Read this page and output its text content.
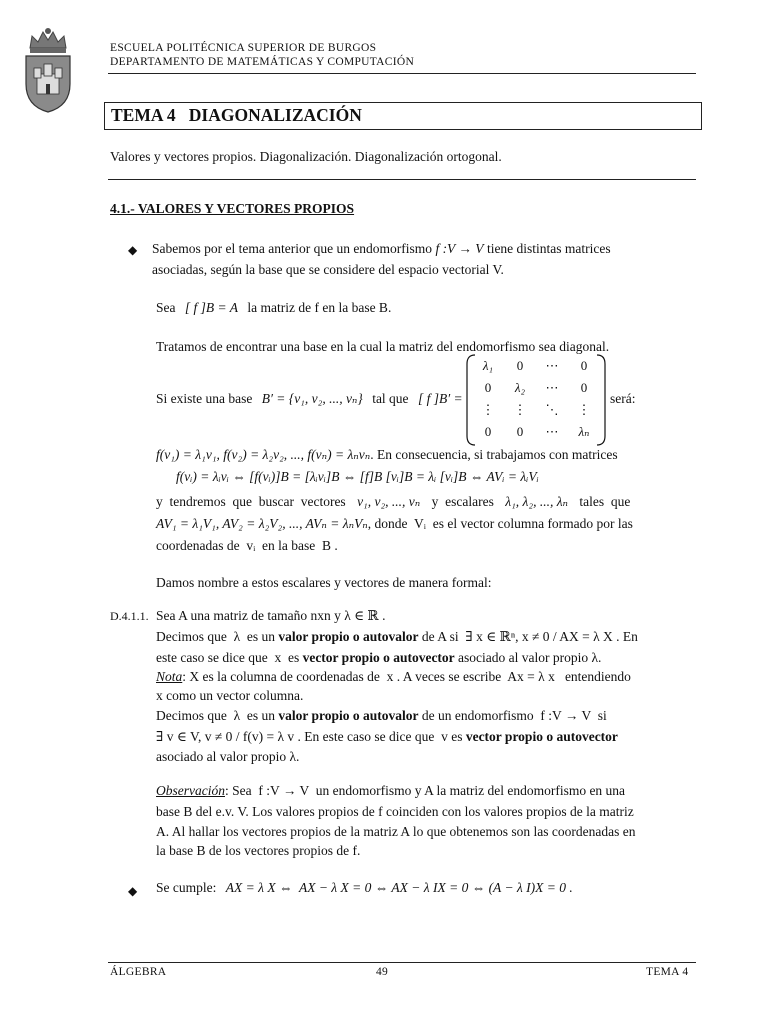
ESCUELA POLITÉCNICA SUPERIOR DE BURGOS
DEPARTAMENTO DE MATEMÁTICAS Y COMPUTACIÓN
TEMA 4   DIAGONALIZACIÓN
Valores y vectores propios. Diagonalización. Diagonalización ortogonal.
4.1.- VALORES Y VECTORES PROPIOS
◆ Sabemos por el tema anterior que un endomorfismo f :V → V tiene distintas matrices
asociadas, según la base que se considere del espacio vectorial V.
Sea [ f ]B = A la matriz de f en la base B.
Tratamos de encontrar una base en la cual la matriz del endomorfismo sea diagonal.
Si existe una base B′ = {v₁, v₂, ..., vₙ} tal que [ f ]B′ =
λ₁	0	⋯	0
0	λ₂	⋯	0
⋮	⋮	⋱	⋮
0	0	⋯	λₙ
será:
f(v₁) = λ₁v₁, f(v₂) = λ₂v₂, ..., f(vₙ) = λₙvₙ. En consecuencia, si trabajamos con matrices
f(vᵢ) = λᵢvᵢ ⇔ [f(vᵢ)]B = [λᵢvᵢ]B ⇔ [f]B [vᵢ]B = λᵢ [vᵢ]B ⇔ AVᵢ = λᵢVᵢ
y  tendremos  que  buscar  vectores v₁, v₂, ..., vₙ y  escalares λ₁, λ₂, ..., λₙ tales  que
AV₁ = λ₁V₁, AV₂ = λ₂V₂, ..., AVₙ = λₙVₙ, donde  Vᵢ  es el vector columna formado por las
coordenadas de  vᵢ  en la base  B .
Damos nombre a estos escalares y vectores de manera formal:
D.4.1.1. Sea A una matriz de tamaño nxn y λ ∈ ℝ .
Decimos que  λ  es un valor propio o autovalor de A si  ∃ x ∈ ℝⁿ, x ≠ 0 / AX = λ X . En
este caso se dice que  x  es vector propio o autovector asociado al valor propio λ.
Nota: X es la columna de coordenadas de  x . A veces se escribe  Ax = λ x   entendiendo
x como un vector columna.
Decimos que  λ  es un valor propio o autovalor de un endomorfismo  f :V → V  si
∃ v ∈ V, v ≠ 0 / f(v) = λ v . En este caso se dice que  v es vector propio o autovector
asociado al valor propio λ.
Observación: Sea  f :V → V  un endomorfismo y A la matriz del endomorfismo en una
base B del e.v. V. Los valores propios de f coinciden con los valores propios de la matriz
A. Al hallar los vectores propios de la matriz A lo que obtenemos son las coordenadas en
la base B de los vectores propios de f.
◆ Se cumple: AX = λ X ⇔  AX − λ X = 0 ⇔ AX − λ IX = 0 ⇔ (A − λ I)X = 0 .
ÁLGEBRA	49	TEMA 4
